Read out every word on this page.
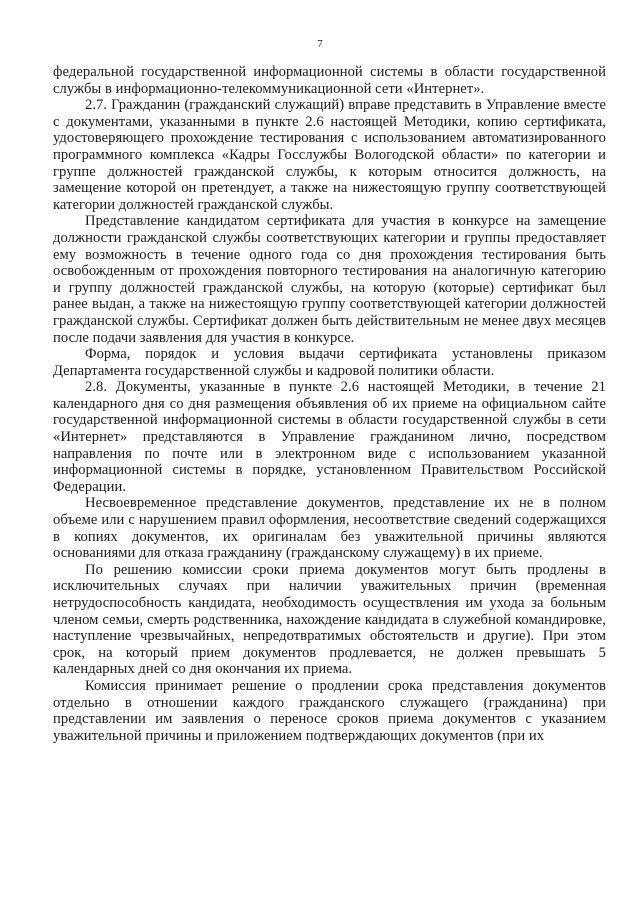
7

федеральной государственной информационной системы в области государственной службы в информационно-телекоммуникационной сети «Интернет».

2.7. Гражданин (гражданский служащий) вправе представить в Управление вместе с документами, указанными в пункте 2.6 настоящей Методики, копию сертификата, удостоверяющего прохождение тестирования с использованием автоматизированного программного комплекса «Кадры Госслужбы Вологодской области» по категории и группе должностей гражданской службы, к которым относится должность, на замещение которой он претендует, а также на нижестоящую группу соответствующей категории должностей гражданской службы.

Представление кандидатом сертификата для участия в конкурсе на замещение должности гражданской службы соответствующих категории и группы предоставляет ему возможность в течение одного года со дня прохождения тестирования быть освобожденным от прохождения повторного тестирования на аналогичную категорию и группу должностей гражданской службы, на которую (которые) сертификат был ранее выдан, а также на нижестоящую группу соответствующей категории должностей гражданской службы. Сертификат должен быть действительным не менее двух месяцев после подачи заявления для участия в конкурсе.

Форма, порядок и условия выдачи сертификата установлены приказом Департамента государственной службы и кадровой политики области.

2.8. Документы, указанные в пункте 2.6 настоящей Методики, в течение 21 календарного дня со дня размещения объявления об их приеме на официальном сайте государственной информационной системы в области государственной службы в сети «Интернет» представляются в Управление гражданином лично, посредством направления по почте или в электронном виде с использованием указанной информационной системы в порядке, установленном Правительством Российской Федерации.

Несвоевременное представление документов, представление их не в полном объеме или с нарушением правил оформления, несоответствие сведений содержащихся в копиях документов, их оригиналам без уважительной причины являются основаниями для отказа гражданину (гражданскому служащему) в их приеме.

По решению комиссии сроки приема документов могут быть продлены в исключительных случаях при наличии уважительных причин (временная нетрудоспособность кандидата, необходимость осуществления им ухода за больным членом семьи, смерть родственника, нахождение кандидата в служебной командировке, наступление чрезвычайных, непредотвратимых обстоятельств и другие). При этом срок, на который прием документов продлевается, не должен превышать 5 календарных дней со дня окончания их приема.

Комиссия принимает решение о продлении срока представления документов отдельно в отношении каждого гражданского служащего (гражданина) при представлении им заявления о переносе сроков приема документов с указанием уважительной причины и приложением подтверждающих документов (при их
